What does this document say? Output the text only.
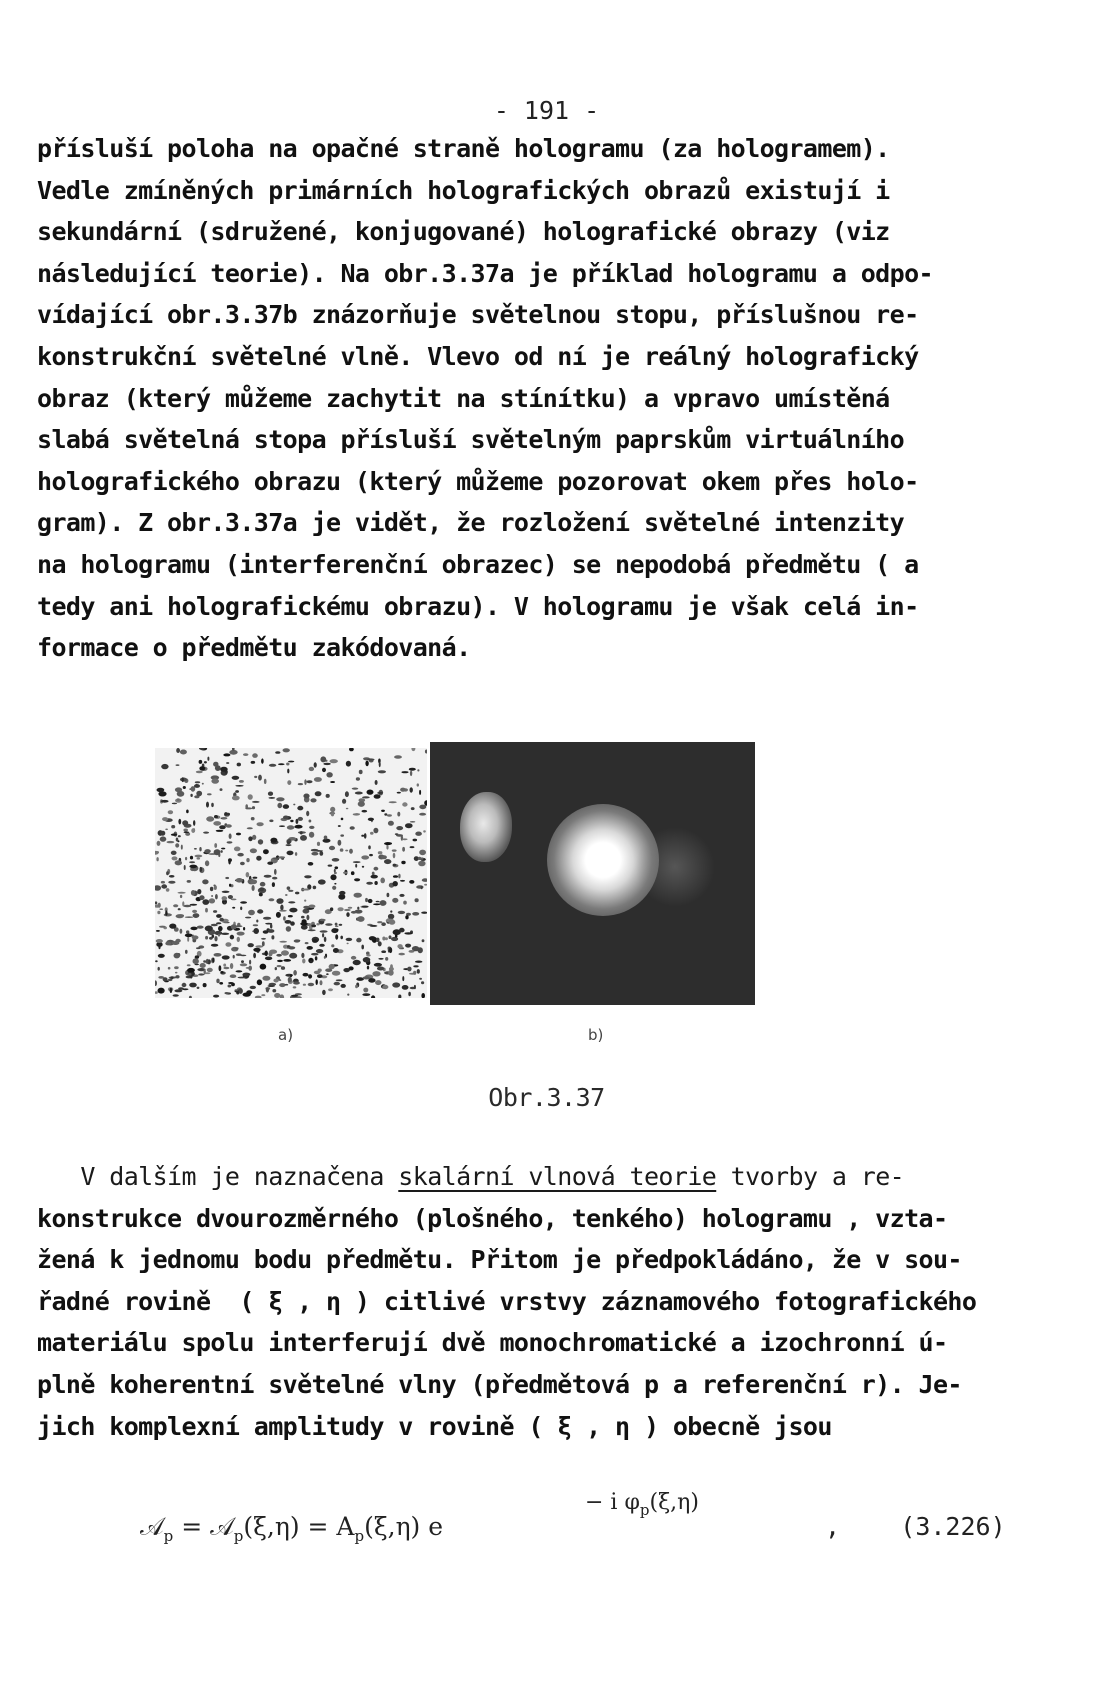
- 191 -
přísluší poloha na opačné straně hologramu (za hologramem).
Vedle zmíněných primárních holografických obrazů existují i
sekundární (sdružené, konjugované) holografické obrazy (viz
následující teorie). Na obr.3.37a je příklad hologramu a odpo-
vídající obr.3.37b znázorňuje světelnou stopu, příslušnou re-
konstrukční světelné vlně. Vlevo od ní je reálný holografický
obraz (který můžeme zachytit na stínítku) a vpravo umístěná
slabá světelná stopa přísluší světelným paprskům virtuálního
holografického obrazu (který můžeme pozorovat okem přes holo-
gram). Z obr.3.37a je vidět, že rozložení světelné intenzity
na hologramu (interferenční obrazec) se nepodobá předmětu ( a
tedy ani holografickému obrazu). V hologramu je však celá in-
formace o předmětu zakódovaná.
a)	b)
Obr.3.37
V dalším je naznačena skalární vlnová teorie tvorby a re-
konstrukce dvourozměrného (plošného, tenkého) hologramu , vzta-
žená k jednomu bodu předmětu. Přitom je předpokládáno, že v sou-
řadné rovině  ( ξ , η ) citlivé vrstvy záznamového fotografického
materiálu spolu interferují dvě monochromatické a izochronní ú-
plně koherentní světelné vlny (předmětová p a referenční r). Je-
jich komplexní amplitudy v rovině ( ξ , η ) obecně jsou
𝒜$_p$ = 𝒜$_p$(ξ,η) = $A_p(\xi,\eta)$ e
− i $\varphi_p(\xi,\eta)$
, (3.226)
